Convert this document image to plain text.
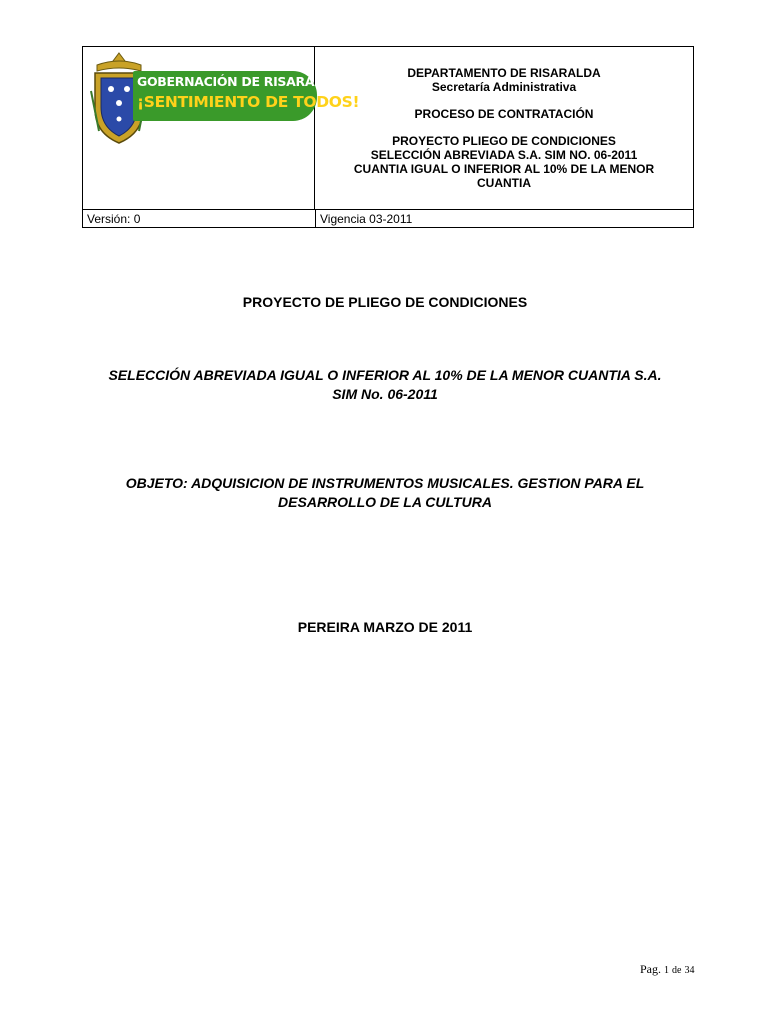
GOBERNACIÓN DE RISARALDA
¡SENTIMIENTO DE TODOS!
DEPARTAMENTO DE RISARALDA
Secretaría Administrativa
PROCESO DE CONTRATACIÓN
PROYECTO PLIEGO DE CONDICIONES
SELECCIÓN ABREVIADA S.A. SIM NO. 06-2011
CUANTIA IGUAL O INFERIOR AL 10% DE LA MENOR
CUANTIA
Versión: 0	Vigencia 03-2011
PROYECTO DE PLIEGO DE CONDICIONES
SELECCIÓN ABREVIADA IGUAL O INFERIOR AL 10% DE LA MENOR CUANTIA S.A.
SIM No. 06-2011
OBJETO: ADQUISICION DE INSTRUMENTOS MUSICALES. GESTION PARA EL
DESARROLLO DE LA CULTURA
PEREIRA MARZO DE 2011
Pag. 1 de 34
